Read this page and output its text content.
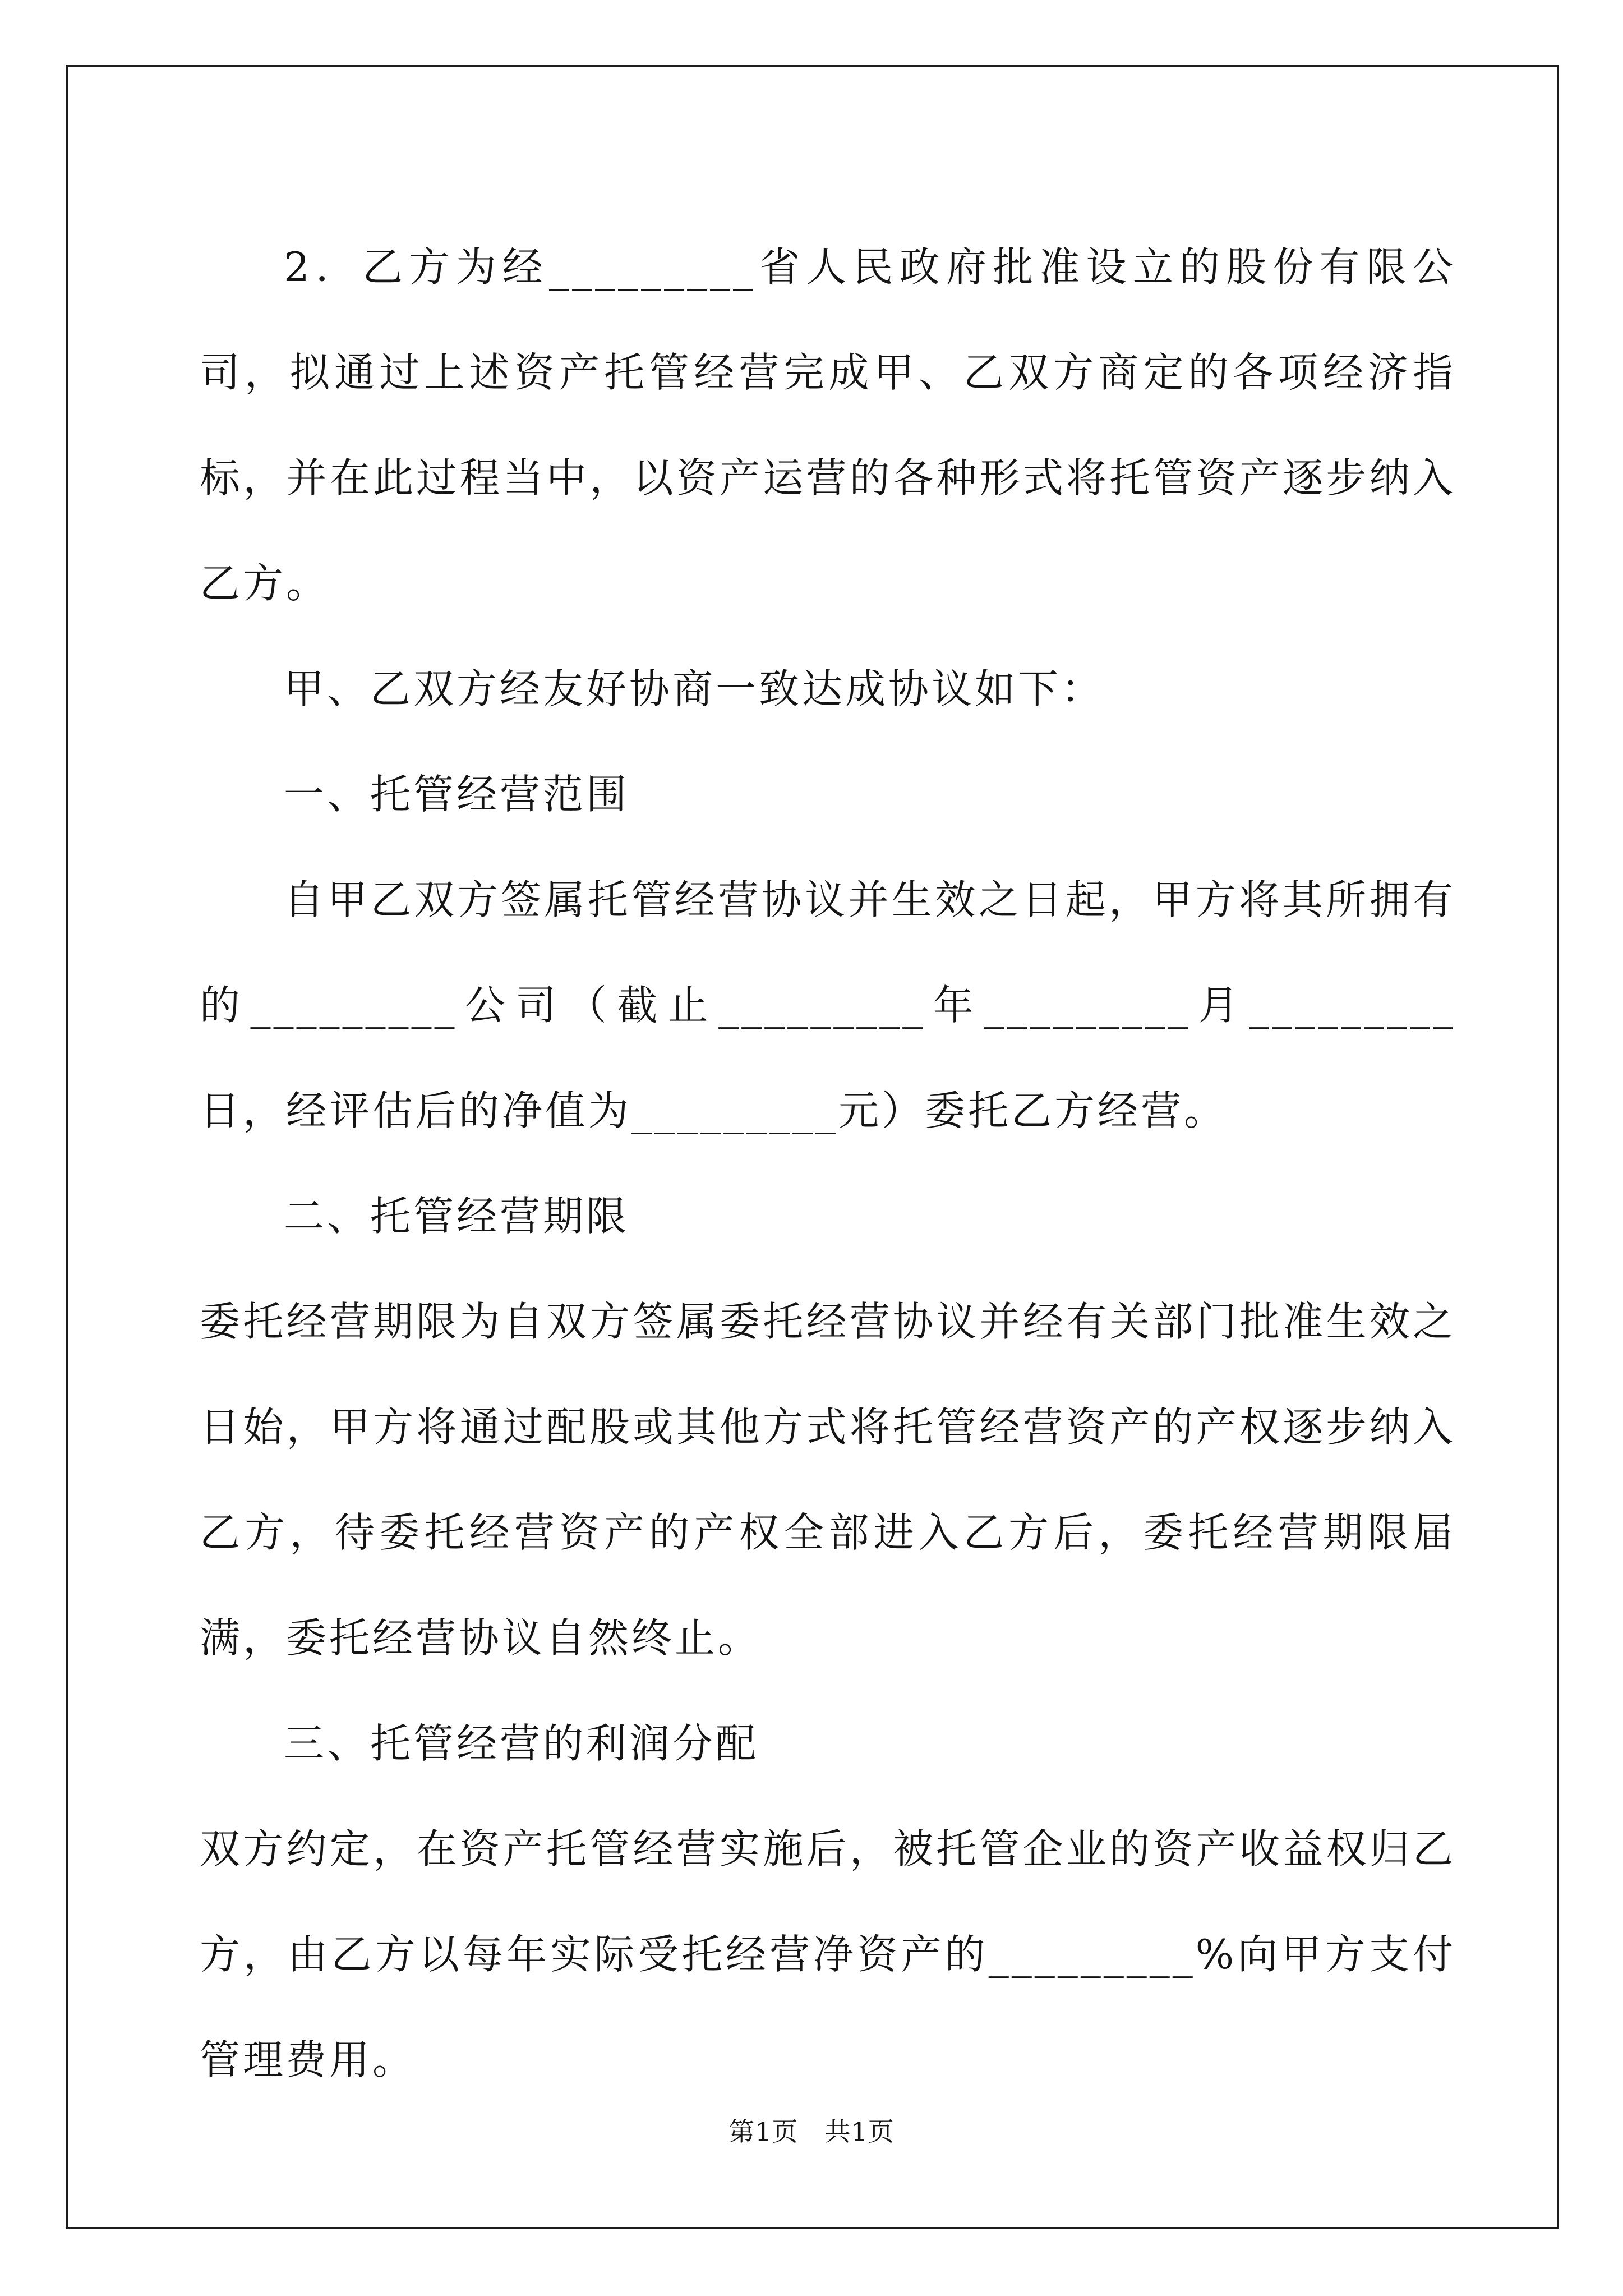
2．乙方为经_________省人民政府批准设立的股份有限公司，拟通过上述资产托管经营完成甲、乙双方商定的各项经济指标，并在此过程当中，以资产运营的各种形式将托管资产逐步纳入乙方。

甲、乙双方经友好协商一致达成协议如下：

一、托管经营范围

自甲乙双方签属托管经营协议并生效之日起，甲方将其所拥有的_________公司（截止_________年_________月_________日，经评估后的净值为_________元）委托乙方经营。

二、托管经营期限

委托经营期限为自双方签属委托经营协议并经有关部门批准生效之日始，甲方将通过配股或其他方式将托管经营资产的产权逐步纳入乙方，待委托经营资产的产权全部进入乙方后，委托经营期限届满，委托经营协议自然终止。

三、托管经营的利润分配

双方约定，在资产托管经营实施后，被托管企业的资产收益权归乙方，由乙方以每年实际受托经营净资产的_________%向甲方支付管理费用。

第1页　共1页
